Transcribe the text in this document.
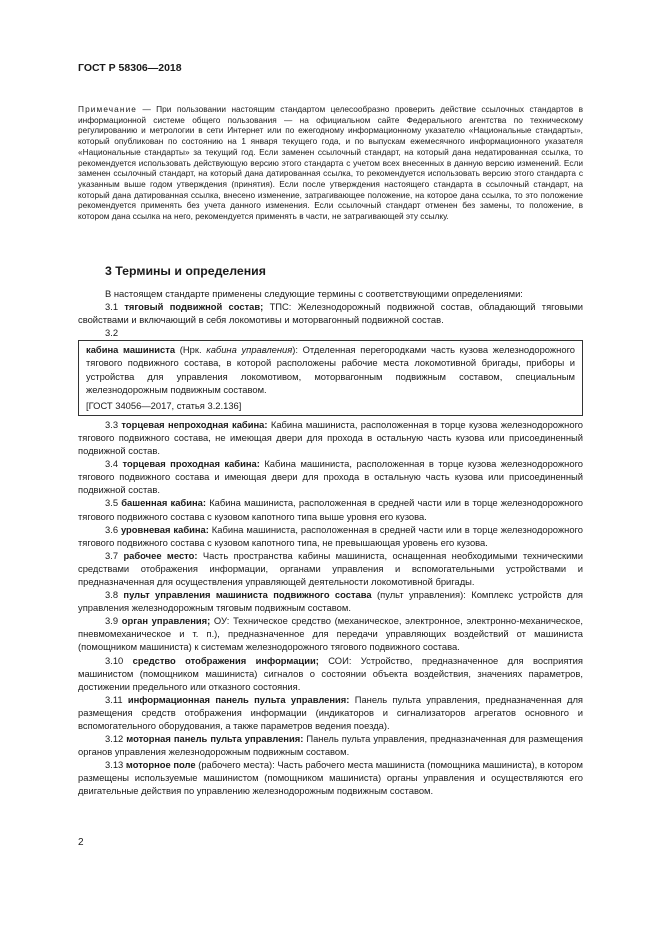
ГОСТ Р 58306—2018
Примечание — При пользовании настоящим стандартом целесообразно проверить действие ссылочных стандартов в информационной системе общего пользования — на официальном сайте Федерального агентства по техническому регулированию и метрологии в сети Интернет или по ежегодному информационному указателю «Национальные стандарты», который опубликован по состоянию на 1 января текущего года, и по выпускам ежемесячного информационного указателя «Национальные стандарты» за текущий год. Если заменен ссылочный стандарт, на который дана недатированная ссылка, то рекомендуется использовать действующую версию этого стандарта с учетом всех внесенных в данную версию изменений. Если заменен ссылочный стандарт, на который дана датированная ссылка, то рекомендуется использовать версию этого стандарта с указанным выше годом утверждения (принятия). Если после утверждения настоящего стандарта в ссылочный стандарт, на который дана датированная ссылка, внесено изменение, затрагивающее положение, на которое дана ссылка, то это положение рекомендуется применять без учета данного изменения. Если ссылочный стандарт отменен без замены, то положение, в котором дана ссылка на него, рекомендуется применять в части, не затрагивающей эту ссылку.
3 Термины и определения

В настоящем стандарте применены следующие термины с соответствующими определениями:

3.1 тяговый подвижной состав; ТПС: Железнодорожный подвижной состав, обладающий тяговыми свойствами и включающий в себя локомотивы и моторвагонный подвижной состав.

3.2

кабина машиниста (Нрк. кабина управления): Отделенная перегородками часть кузова железнодорожного тягового подвижного состава, в которой расположены рабочие места локомотивной бригады, приборы и устройства для управления локомотивом, моторвагонным подвижным составом, специальным железнодорожным подвижным составом.

[ГОСТ 34056—2017, статья 3.2.136]

3.3 торцевая непроходная кабина: Кабина машиниста, расположенная в торце кузова железнодорожного тягового подвижного состава, не имеющая двери для прохода в остальную часть кузова или присоединенный подвижной состав.

3.4 торцевая проходная кабина: Кабина машиниста, расположенная в торце кузова железнодорожного тягового подвижного состава и имеющая двери для прохода в остальную часть кузова или присоединенный подвижной состав.

3.5 башенная кабина: Кабина машиниста, расположенная в средней части или в торце железнодорожного тягового подвижного состава с кузовом капотного типа выше уровня его кузова.

3.6 уровневая кабина: Кабина машиниста, расположенная в средней части или в торце железнодорожного тягового подвижного состава с кузовом капотного типа, не превышающая уровень его кузова.

3.7 рабочее место: Часть пространства кабины машиниста, оснащенная необходимыми техническими средствами отображения информации, органами управления и вспомогательными устройствами и предназначенная для осуществления управляющей деятельности локомотивной бригады.

3.8 пульт управления машиниста подвижного состава (пульт управления): Комплекс устройств для управления железнодорожным тяговым подвижным составом.

3.9 орган управления; ОУ: Техническое средство (механическое, электронное, электронно-механическое, пневмомеханическое и т. п.), предназначенное для передачи управляющих воздействий от машиниста (помощником машиниста) к системам железнодорожного тягового подвижного состава.

3.10 средство отображения информации; СОИ: Устройство, предназначенное для восприятия машинистом (помощником машиниста) сигналов о состоянии объекта воздействия, значениях параметров, достижении предельного или отказного состояния.

3.11 информационная панель пульта управления: Панель пульта управления, предназначенная для размещения средств отображения информации (индикаторов и сигнализаторов агрегатов основного и вспомогательного оборудования, а также параметров ведения поезда).

3.12 моторная панель пульта управления: Панель пульта управления, предназначенная для размещения органов управления железнодорожным подвижным составом.

3.13 моторное поле (рабочего места): Часть рабочего места машиниста (помощника машиниста), в котором размещены используемые машинистом (помощником машиниста) органы управления и осуществляются его двигательные действия по управлению железнодорожным подвижным составом.

2
